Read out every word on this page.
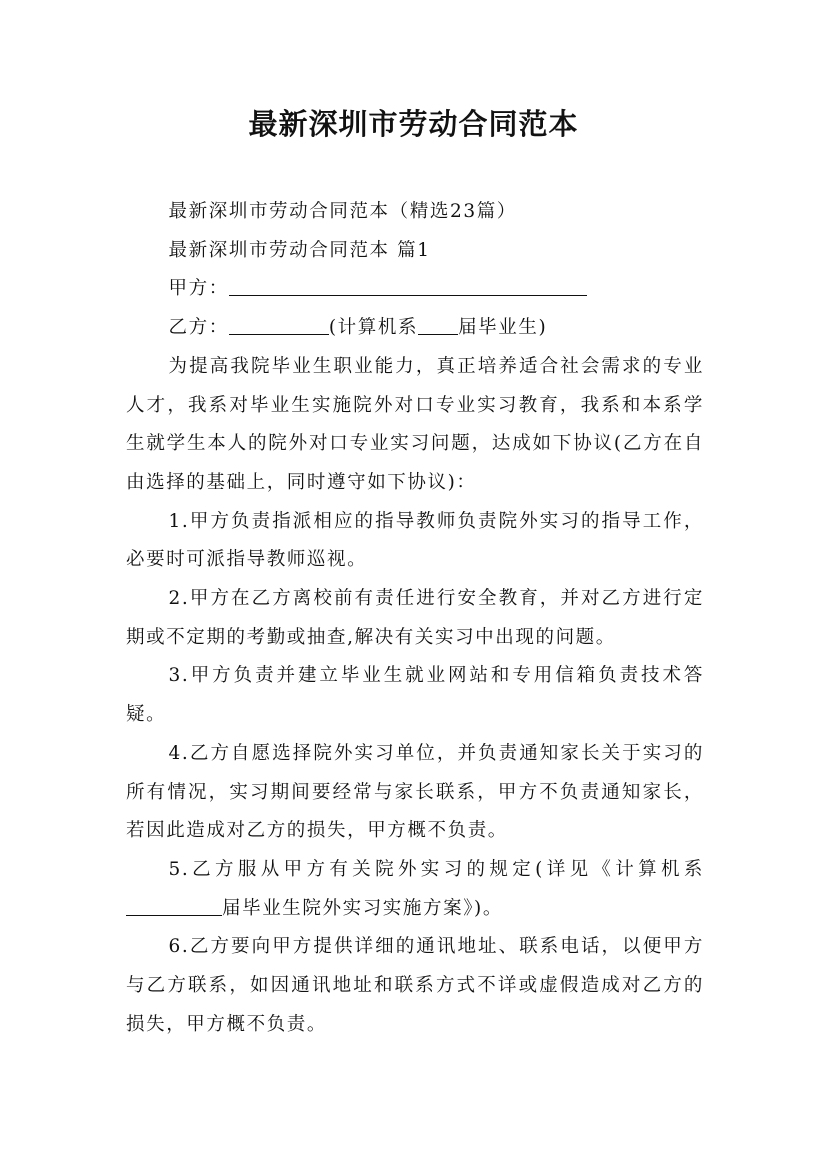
最新深圳市劳动合同范本

最新深圳市劳动合同范本（精选23篇）

最新深圳市劳动合同范本 篇1

甲方：

乙方：	(计算机系 届毕业生)

为提高我院毕业生职业能力，真正培养适合社会需求的专业人才，我系对毕业生实施院外对口专业实习教育，我系和本系学生就学生本人的院外对口专业实习问题，达成如下协议(乙方在自由选择的基础上，同时遵守如下协议)：

1.甲方负责指派相应的指导教师负责院外实习的指导工作，必要时可派指导教师巡视。

2.甲方在乙方离校前有责任进行安全教育，并对乙方进行定期或不定期的考勤或抽查,解决有关实习中出现的问题。

3.甲方负责并建立毕业生就业网站和专用信箱负责技术答疑。

4.乙方自愿选择院外实习单位，并负责通知家长关于实习的所有情况，实习期间要经常与家长联系，甲方不负责通知家长，若因此造成对乙方的损失，甲方概不负责。

5.乙方服从甲方有关院外实习的规定(详见《计算机系届毕业生院外实习实施方案》)。

6.乙方要向甲方提供详细的通讯地址、联系电话，以便甲方与乙方联系，如因通讯地址和联系方式不详或虚假造成对乙方的损失，甲方概不负责。
